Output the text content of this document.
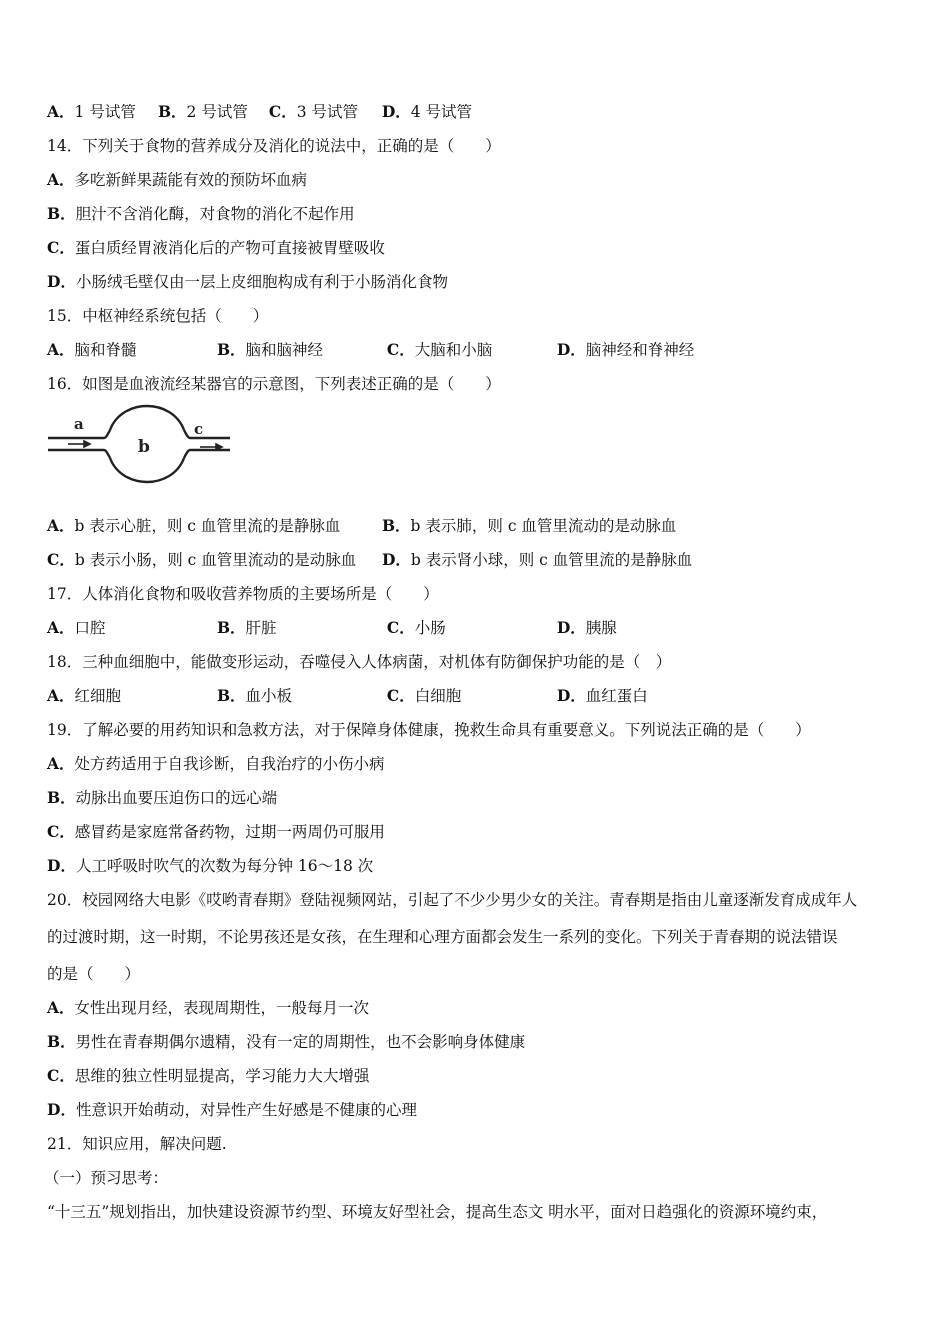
A．1 号试管 B．2 号试管 C．3 号试管 D．4 号试管
14．下列关于食物的营养成分及消化的说法中，正确的是（　　）
A．多吃新鲜果蔬能有效的预防坏血病
B．胆汁不含消化酶，对食物的消化不起作用
C．蛋白质经胃液消化后的产物可直接被胃壁吸收
D．小肠绒毛壁仅由一层上皮细胞构成有利于小肠消化食物
15．中枢神经系统包括（　　）
A．脑和脊髓	B．脑和脑神经	C．大脑和小脑	D．脑神经和脊神经
16．如图是血液流经某器官的示意图，下列表述正确的是（　　）
a
b
c
A．b 表示心脏，则 c 血管里流的是静脉血	B．b 表示肺，则 c 血管里流动的是动脉血
C．b 表示小肠，则 c 血管里流动的是动脉血 D．b 表示肾小球，则 c 血管里流的是静脉血
17．人体消化食物和吸收营养物质的主要场所是（　　）
A．口腔	B．肝脏	C．小肠	D．胰腺
18．三种血细胞中，能做变形运动，吞噬侵入人体病菌，对机体有防御保护功能的是（　）
A．红细胞	B．血小板	C．白细胞	D．血红蛋白
19．了解必要的用药知识和急救方法，对于保障身体健康，挽救生命具有重要意义。下列说法正确的是（　　）
A．处方药适用于自我诊断，自我治疗的小伤小病
B．动脉出血要压迫伤口的远心端
C．感冒药是家庭常备药物，过期一两周仍可服用
D．人工呼吸时吹气的次数为每分钟 16～18 次
20．校园网络大电影《哎哟青春期》登陆视频网站，引起了不少少男少女的关注。青春期是指由儿童逐渐发育成成年人
的过渡时期，这一时期，不论男孩还是女孩，在生理和心理方面都会发生一系列的变化。下列关于青春期的说法错误
的是（　　）
A．女性出现月经，表现周期性，一般每月一次
B．男性在青春期偶尔遗精，没有一定的周期性，也不会影响身体健康
C．思维的独立性明显提高，学习能力大大增强
D．性意识开始萌动，对异性产生好感是不健康的心理
21．知识应用，解决问题.
（一）预习思考：
“十三五”规划指出，加快建设资源节约型、环境友好型社会，提高生态文 明水平，面对日趋强化的资源环境约束，
